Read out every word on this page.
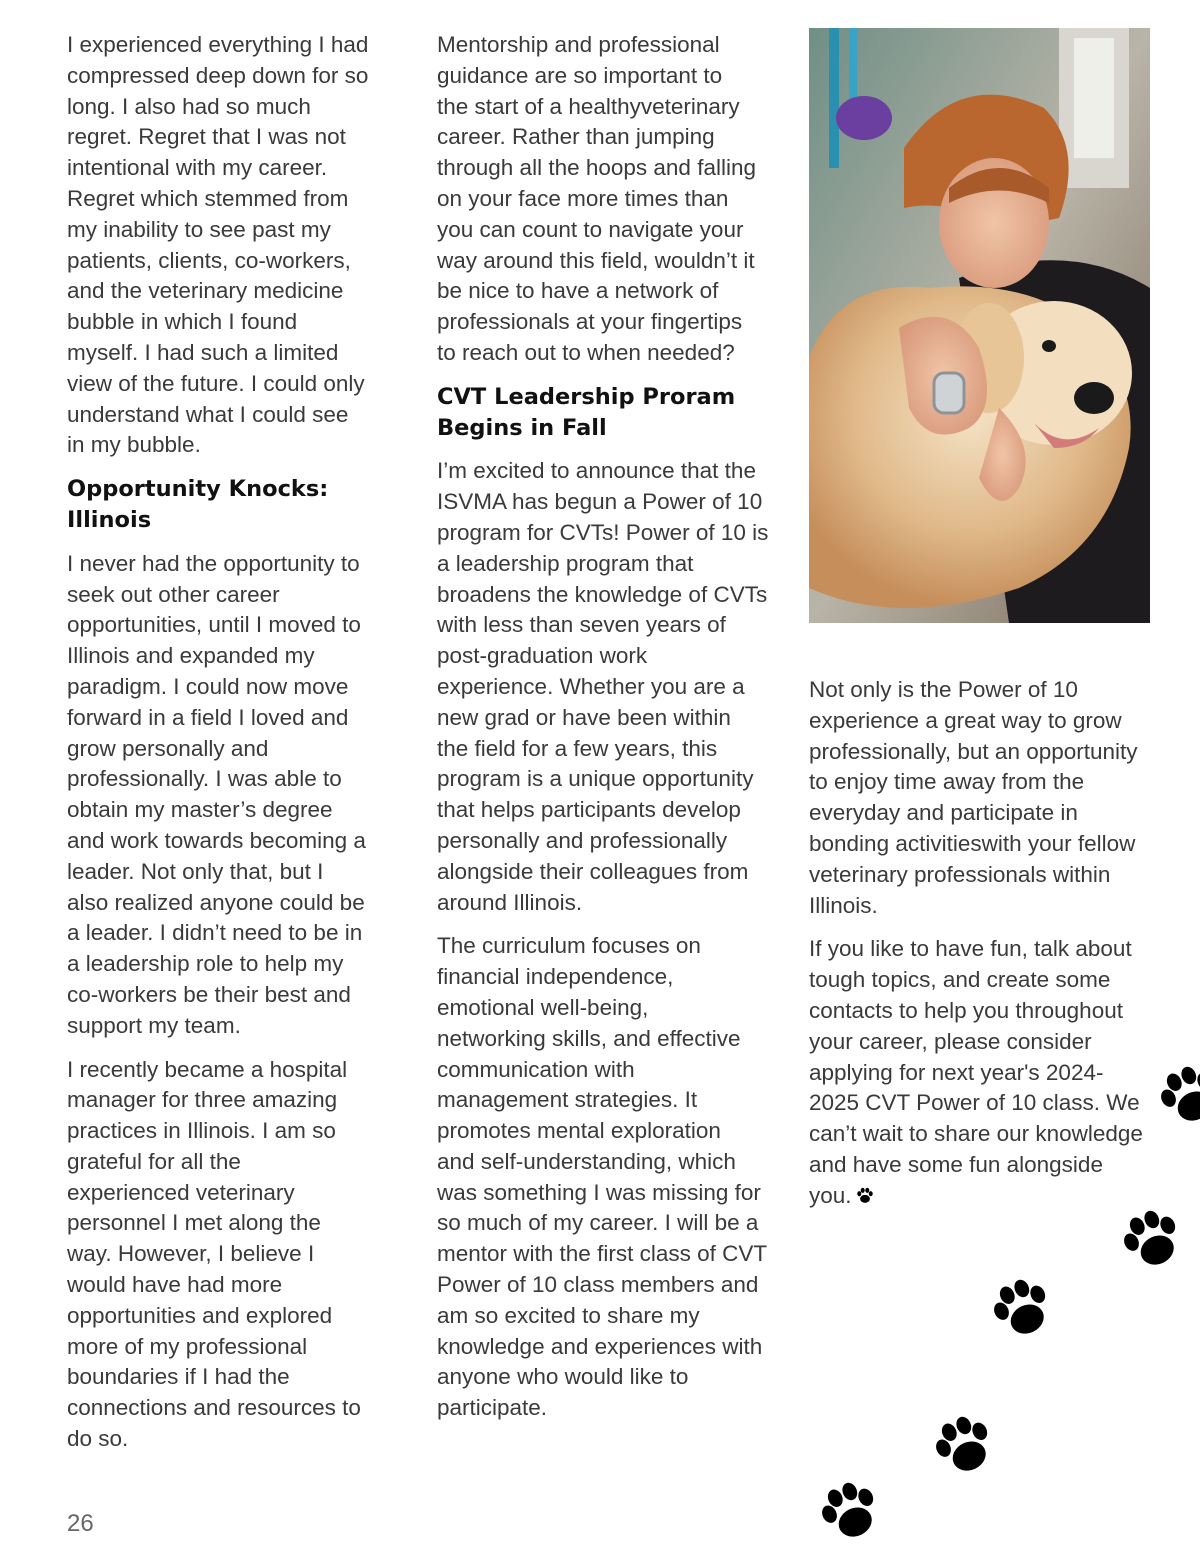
I experienced everything I had
compressed deep down for so
long. I also had so much
regret. Regret that I was not
intentional with my career.
Regret which stemmed from
my inability to see past my
patients, clients, co-workers,
and the veterinary medicine
bubble in which I found
myself. I had such a limited
view of the future. I could only
understand what I could see
in my bubble.
Opportunity Knocks:
Illinois
I never had the opportunity to
seek out other career
opportunities, until I moved to
Illinois and expanded my
paradigm. I could now move
forward in a field I loved and
grow personally and
professionally. I was able to
obtain my master’s degree
and work towards becoming a
leader. Not only that, but I
also realized anyone could be
a leader. I didn’t need to be in
a leadership role to help my
co-workers be their best and
support my team.
I recently became a hospital
manager for three amazing
practices in Illinois. I am so
grateful for all the
experienced veterinary
personnel I met along the
way. However, I believe I
would have had more
opportunities and explored
more of my professional
boundaries if I had the
connections and resources to
do so.
Mentorship and professional
guidance are so important to
the start of a healthyveterinary
career. Rather than jumping
through all the hoops and falling
on your face more times than
you can count to navigate your
way around this field, wouldn’t it
be nice to have a network of
professionals at your fingertips
to reach out to when needed?
CVT Leadership Proram
Begins in Fall
I’m excited to announce that the
ISVMA has begun a Power of 10
program for CVTs! Power of 10 is
a leadership program that
broadens the knowledge of CVTs
with less than seven years of
post-graduation work
experience. Whether you are a
new grad or have been within
the field for a few years, this
program is a unique opportunity
that helps participants develop
personally and professionally
alongside their colleagues from
around Illinois.
The curriculum focuses on
financial independence,
emotional well-being,
networking skills, and effective
communication with
management strategies. It
promotes mental exploration
and self-understanding, which
was something I was missing for
so much of my career. I will be a
mentor with the first class of CVT
Power of 10 class members and
am so excited to share my
knowledge and experiences with
anyone who would like to
participate.
Not only is the Power of 10
experience a great way to grow
professionally, but an opportunity
to enjoy time away from the
everyday and participate in
bonding activitieswith your fellow
veterinary professionals within
Illinois.
If you like to have fun, talk about
tough topics, and create some
contacts to help you throughout
your career, please consider
applying for next year's 2024-
2025 CVT Power of 10 class. We
can’t wait to share our knowledge
and have some fun alongside
you.
26
